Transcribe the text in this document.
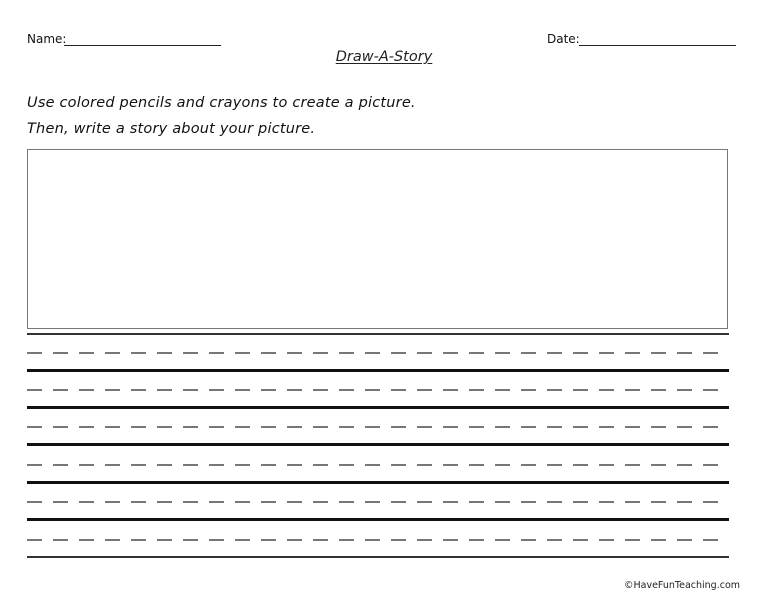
Name:	Date:
Draw-A-Story
Use colored pencils and crayons to create a picture.
Then, write a story about your picture.
©HaveFunTeaching.com
